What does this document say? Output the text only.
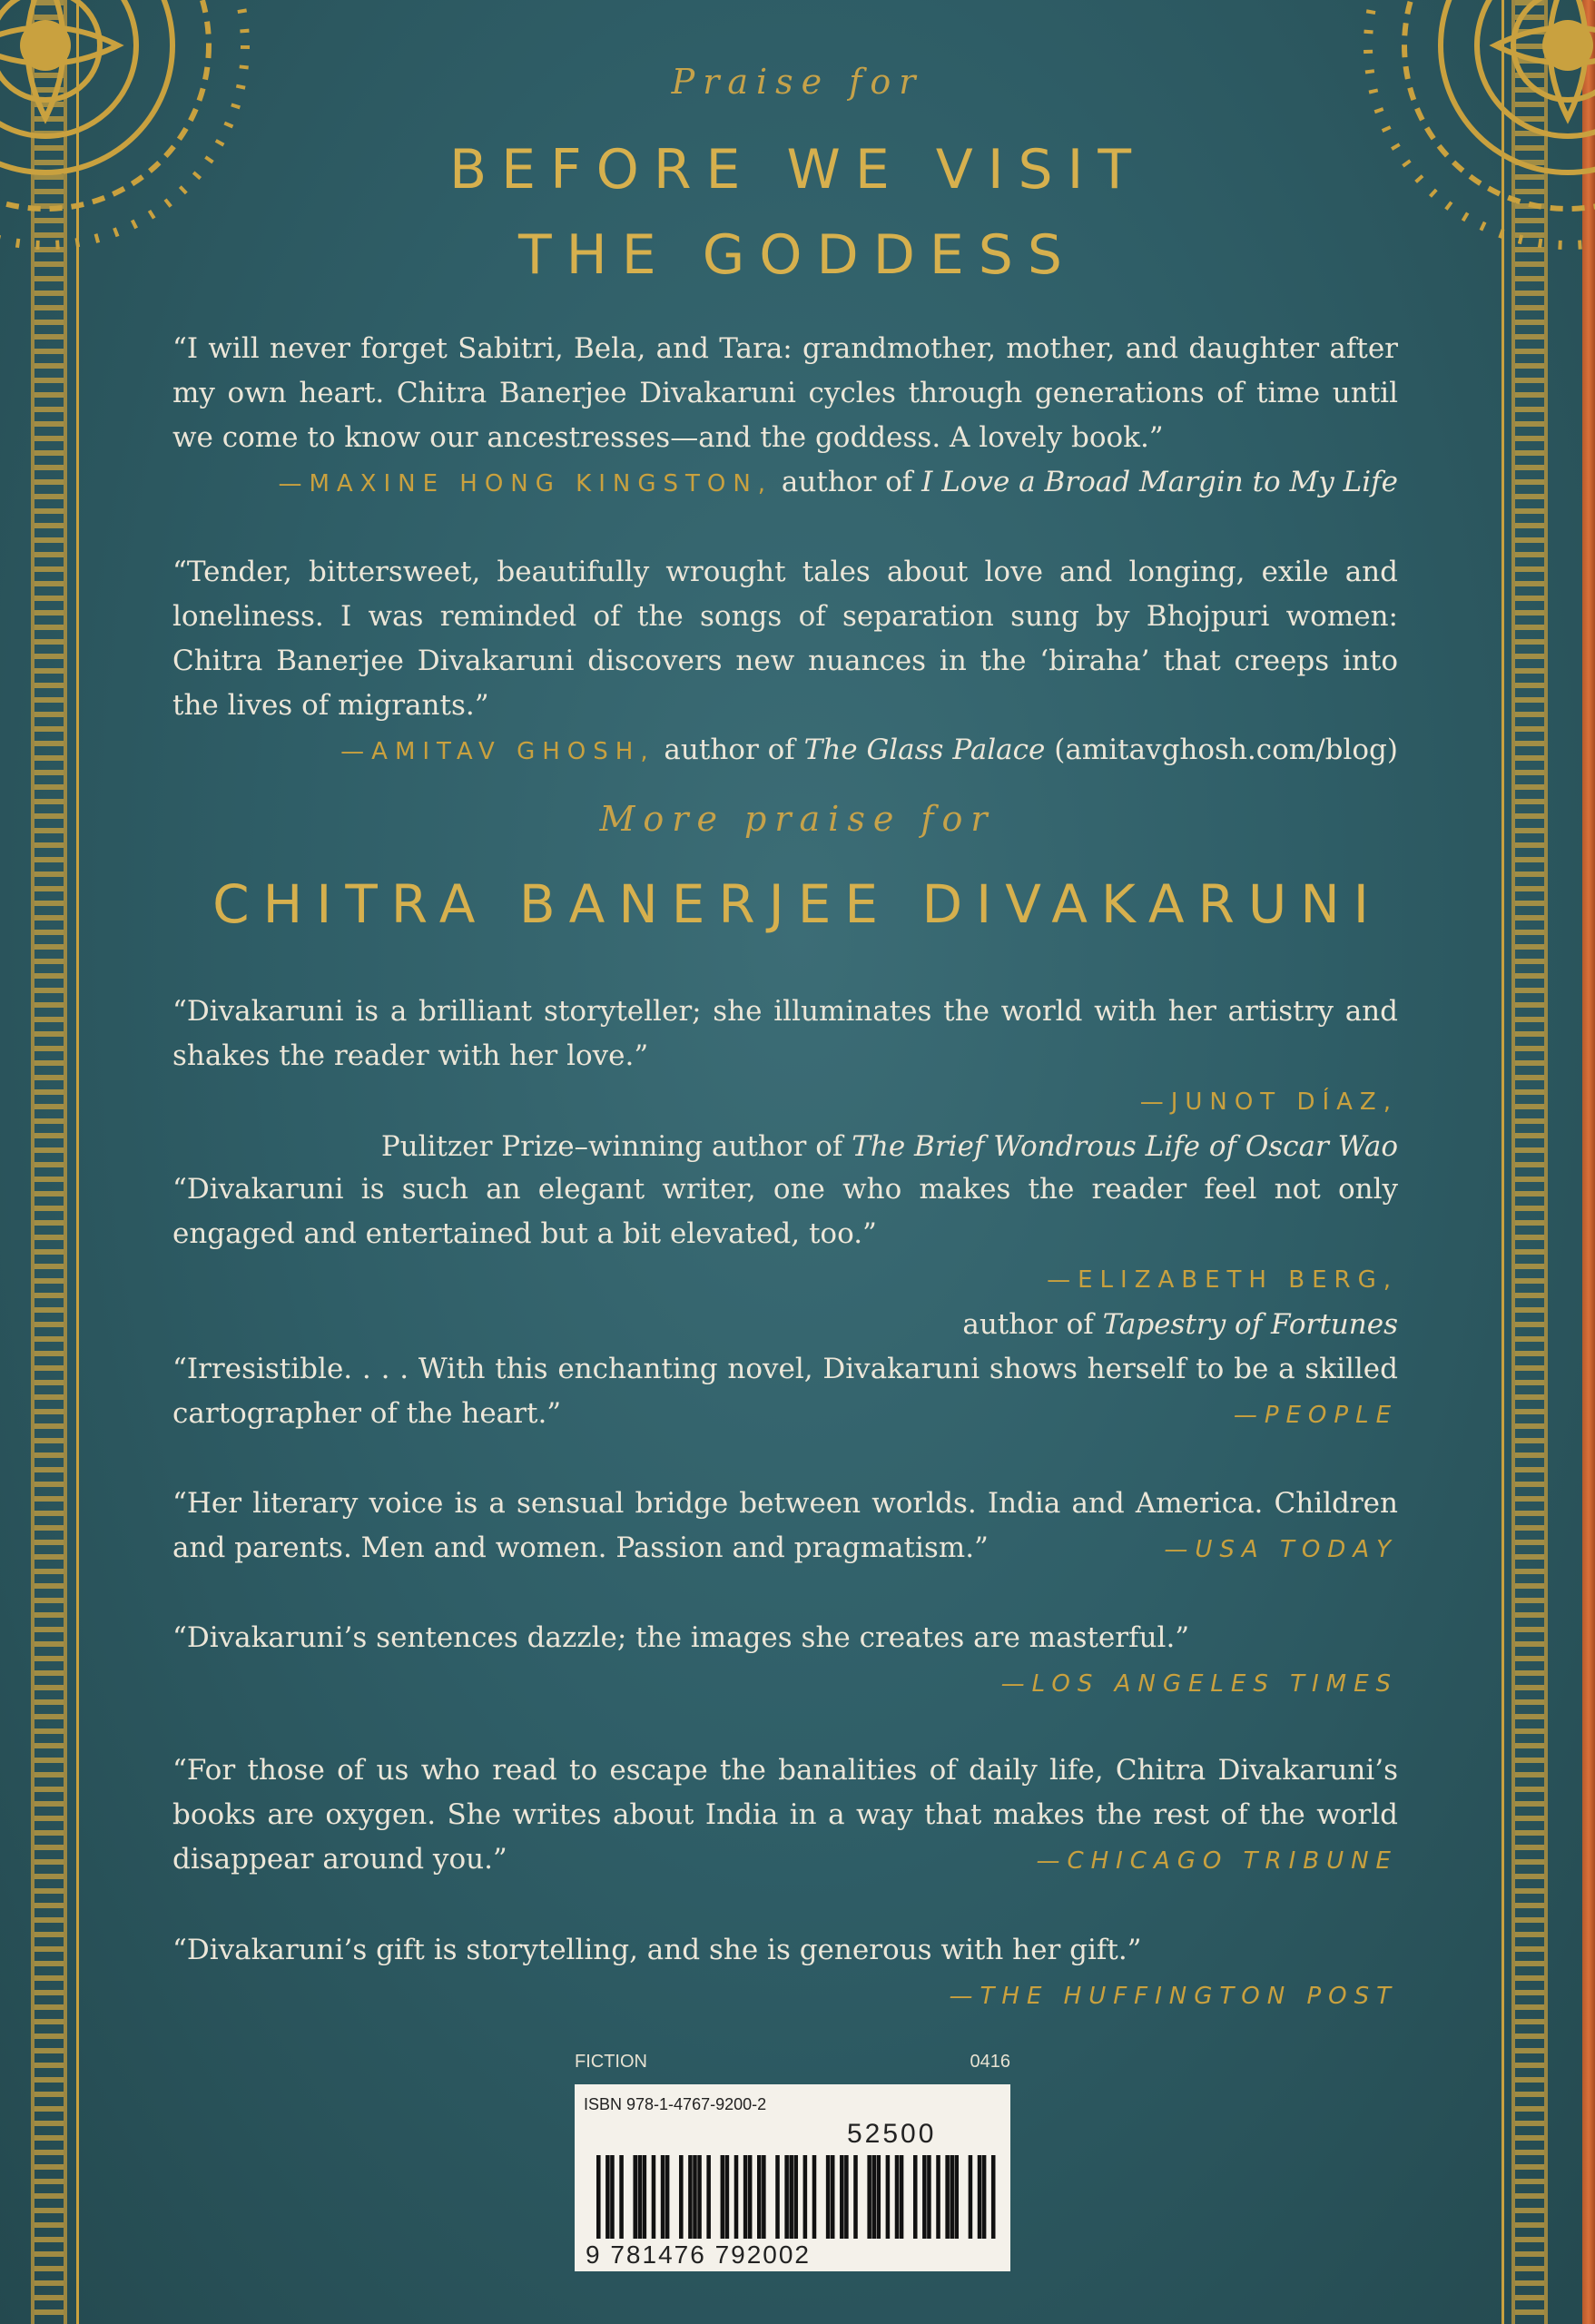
Praise for
BEFORE WE VISIT
THE GODDESS

“I will never forget Sabitri, Bela, and Tara: grandmother, mother, and daughter after my own heart. Chitra Banerjee Divakaruni cycles through generations of time until we come to know our ancestresses—and the goddess. A lovely book.”

—MAXINE HONG KINGSTON, author of I Love a Broad Margin to My Life

“Tender, bittersweet, beautifully wrought tales about love and longing, exile and loneliness. I was reminded of the songs of separation sung by Bhojpuri women: Chitra Banerjee Divakaruni discovers new nuances in the ‘biraha’ that creeps into the lives of migrants.”

—AMITAV GHOSH, author of The Glass Palace (amitavghosh.com/blog)
More praise for
CHITRA BANERJEE DIVAKARUNI

“Divakaruni is a brilliant storyteller; she illuminates the world with her artistry and shakes the reader with her love.”

—JUNOT DÍAZ,
Pulitzer Prize–winning author of The Brief Wondrous Life of Oscar Wao

“Divakaruni is such an elegant writer, one who makes the reader feel not only engaged and entertained but a bit elevated, too.”

—ELIZABETH BERG,
author of Tapestry of Fortunes

“Irresistible. . . . With this enchanting novel, Divakaruni shows herself to be a skilled cartographer of the heart.”	—PEOPLE

“Her literary voice is a sensual bridge between worlds. India and America. Children and parents. Men and women. Passion and pragmatism.”	—USA TODAY

“Divakaruni’s sentences dazzle; the images she creates are masterful.”

—LOS ANGELES TIMES

“For those of us who read to escape the banalities of daily life, Chitra Divakaruni’s books are oxygen. She writes about India in a way that makes the rest of the world disappear around you.”	—CHICAGO TRIBUNE

“Divakaruni’s gift is storytelling, and she is generous with her gift.”

—THE HUFFINGTON POST
FICTION	0416
ISBN 978-1-4767-9200-2
52500
9 781476 792002
